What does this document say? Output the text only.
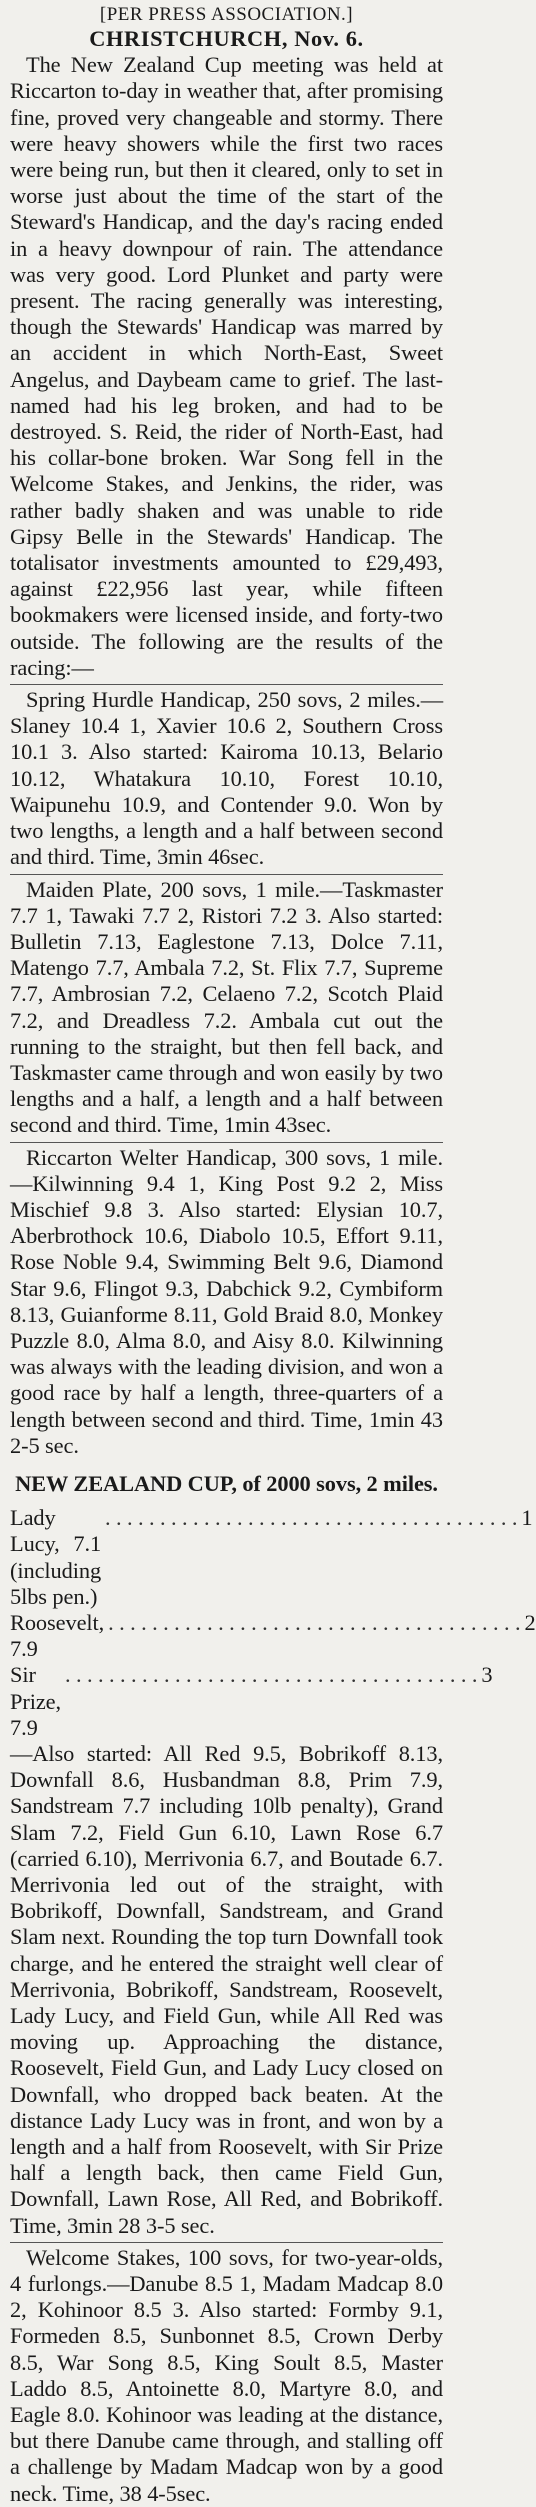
[PER PRESS ASSOCIATION.]
CHRISTCHURCH, Nov. 6.

The New Zealand Cup meeting was held at Riccarton to-day in weather that, after promising fine, proved very changeable and stormy. There were heavy showers while the first two races were being run, but then it cleared, only to set in worse just about the time of the start of the Steward's Handicap, and the day's racing ended in a heavy downpour of rain. The attendance was very good. Lord Plunket and party were present. The racing generally was interesting, though the Stewards' Handicap was marred by an accident in which North-East, Sweet Angelus, and Daybeam came to grief. The last-named had his leg broken, and had to be destroyed. S. Reid, the rider of North-East, had his collar-bone broken. War Song fell in the Welcome Stakes, and Jenkins, the rider, was rather badly shaken and was unable to ride Gipsy Belle in the Stewards' Handicap. The totalisator investments amounted to £29,493, against £22,956 last year, while fifteen bookmakers were licensed inside, and forty-two outside. The following are the results of the racing:—

Spring Hurdle Handicap, 250 sovs, 2 miles.—Slaney 10.4 1, Xavier 10.6 2, Southern Cross 10.1 3. Also started: Kairoma 10.13, Belario 10.12, Whatakura 10.10, Forest 10.10, Waipunehu 10.9, and Contender 9.0. Won by two lengths, a length and a half between second and third. Time, 3min 46sec.

Maiden Plate, 200 sovs, 1 mile.—Taskmaster 7.7 1, Tawaki 7.7 2, Ristori 7.2 3. Also started: Bulletin 7.13, Eaglestone 7.13, Dolce 7.11, Matengo 7.7, Ambala 7.2, St. Flix 7.7, Supreme 7.7, Ambrosian 7.2, Celaeno 7.2, Scotch Plaid 7.2, and Dreadless 7.2. Ambala cut out the running to the straight, but then fell back, and Taskmaster came through and won easily by two lengths and a half, a length and a half between second and third. Time, 1min 43sec.

Riccarton Welter Handicap, 300 sovs, 1 mile.—Kilwinning 9.4 1, King Post 9.2 2, Miss Mischief 9.8 3. Also started: Elysian 10.7, Aberbrothock 10.6, Diabolo 10.5, Effort 9.11, Rose Noble 9.4, Swimming Belt 9.6, Diamond Star 9.6, Flingot 9.3, Dabchick 9.2, Cymbiform 8.13, Guianforme 8.11, Gold Braid 8.0, Monkey Puzzle 8.0, Alma 8.0, and Aisy 8.0. Kilwinning was always with the leading division, and won a good race by half a length, three-quarters of a length between second and third. Time, 1min 43 2-5 sec.

NEW ZEALAND CUP, of 2000 sovs, 2 miles.
Lady Lucy, 7.1 (including 5lbs pen.)
. . . . . . . . . . . . . . . . . . . . . . . . . . . . . . . . . . . . . . 1
Roosevelt, 7.9
. . . . . . . . . . . . . . . . . . . . . . . . . . . . . . . . . . . . . . 2
Sir Prize, 7.9
. . . . . . . . . . . . . . . . . . . . . . . . . . . . . . . . . . . . . . 3

—Also started: All Red 9.5, Bobrikoff 8.13, Downfall 8.6, Husbandman 8.8, Prim 7.9, Sandstream 7.7 including 10lb penalty), Grand Slam 7.2, Field Gun 6.10, Lawn Rose 6.7 (carried 6.10), Merrivonia 6.7, and Boutade 6.7. Merrivonia led out of the straight, with Bobrikoff, Downfall, Sandstream, and Grand Slam next. Rounding the top turn Downfall took charge, and he entered the straight well clear of Merrivonia, Bobrikoff, Sandstream, Roosevelt, Lady Lucy, and Field Gun, while All Red was moving up. Approaching the distance, Roosevelt, Field Gun, and Lady Lucy closed on Downfall, who dropped back beaten. At the distance Lady Lucy was in front, and won by a length and a half from Roosevelt, with Sir Prize half a length back, then came Field Gun, Downfall, Lawn Rose, All Red, and Bobrikoff. Time, 3min 28 3-5 sec.

Welcome Stakes, 100 sovs, for two-year-olds, 4 furlongs.—Danube 8.5 1, Madam Madcap 8.0 2, Kohinoor 8.5 3. Also started: Formby 9.1, Formeden 8.5, Sunbonnet 8.5, Crown Derby 8.5, War Song 8.5, King Soult 8.5, Master Laddo 8.5, Antoinette 8.0, Martyre 8.0, and Eagle 8.0. Kohinoor was leading at the distance, but there Danube came through, and stalling off a challenge by Madam Madcap won by a good neck. Time, 38 4-5sec.
